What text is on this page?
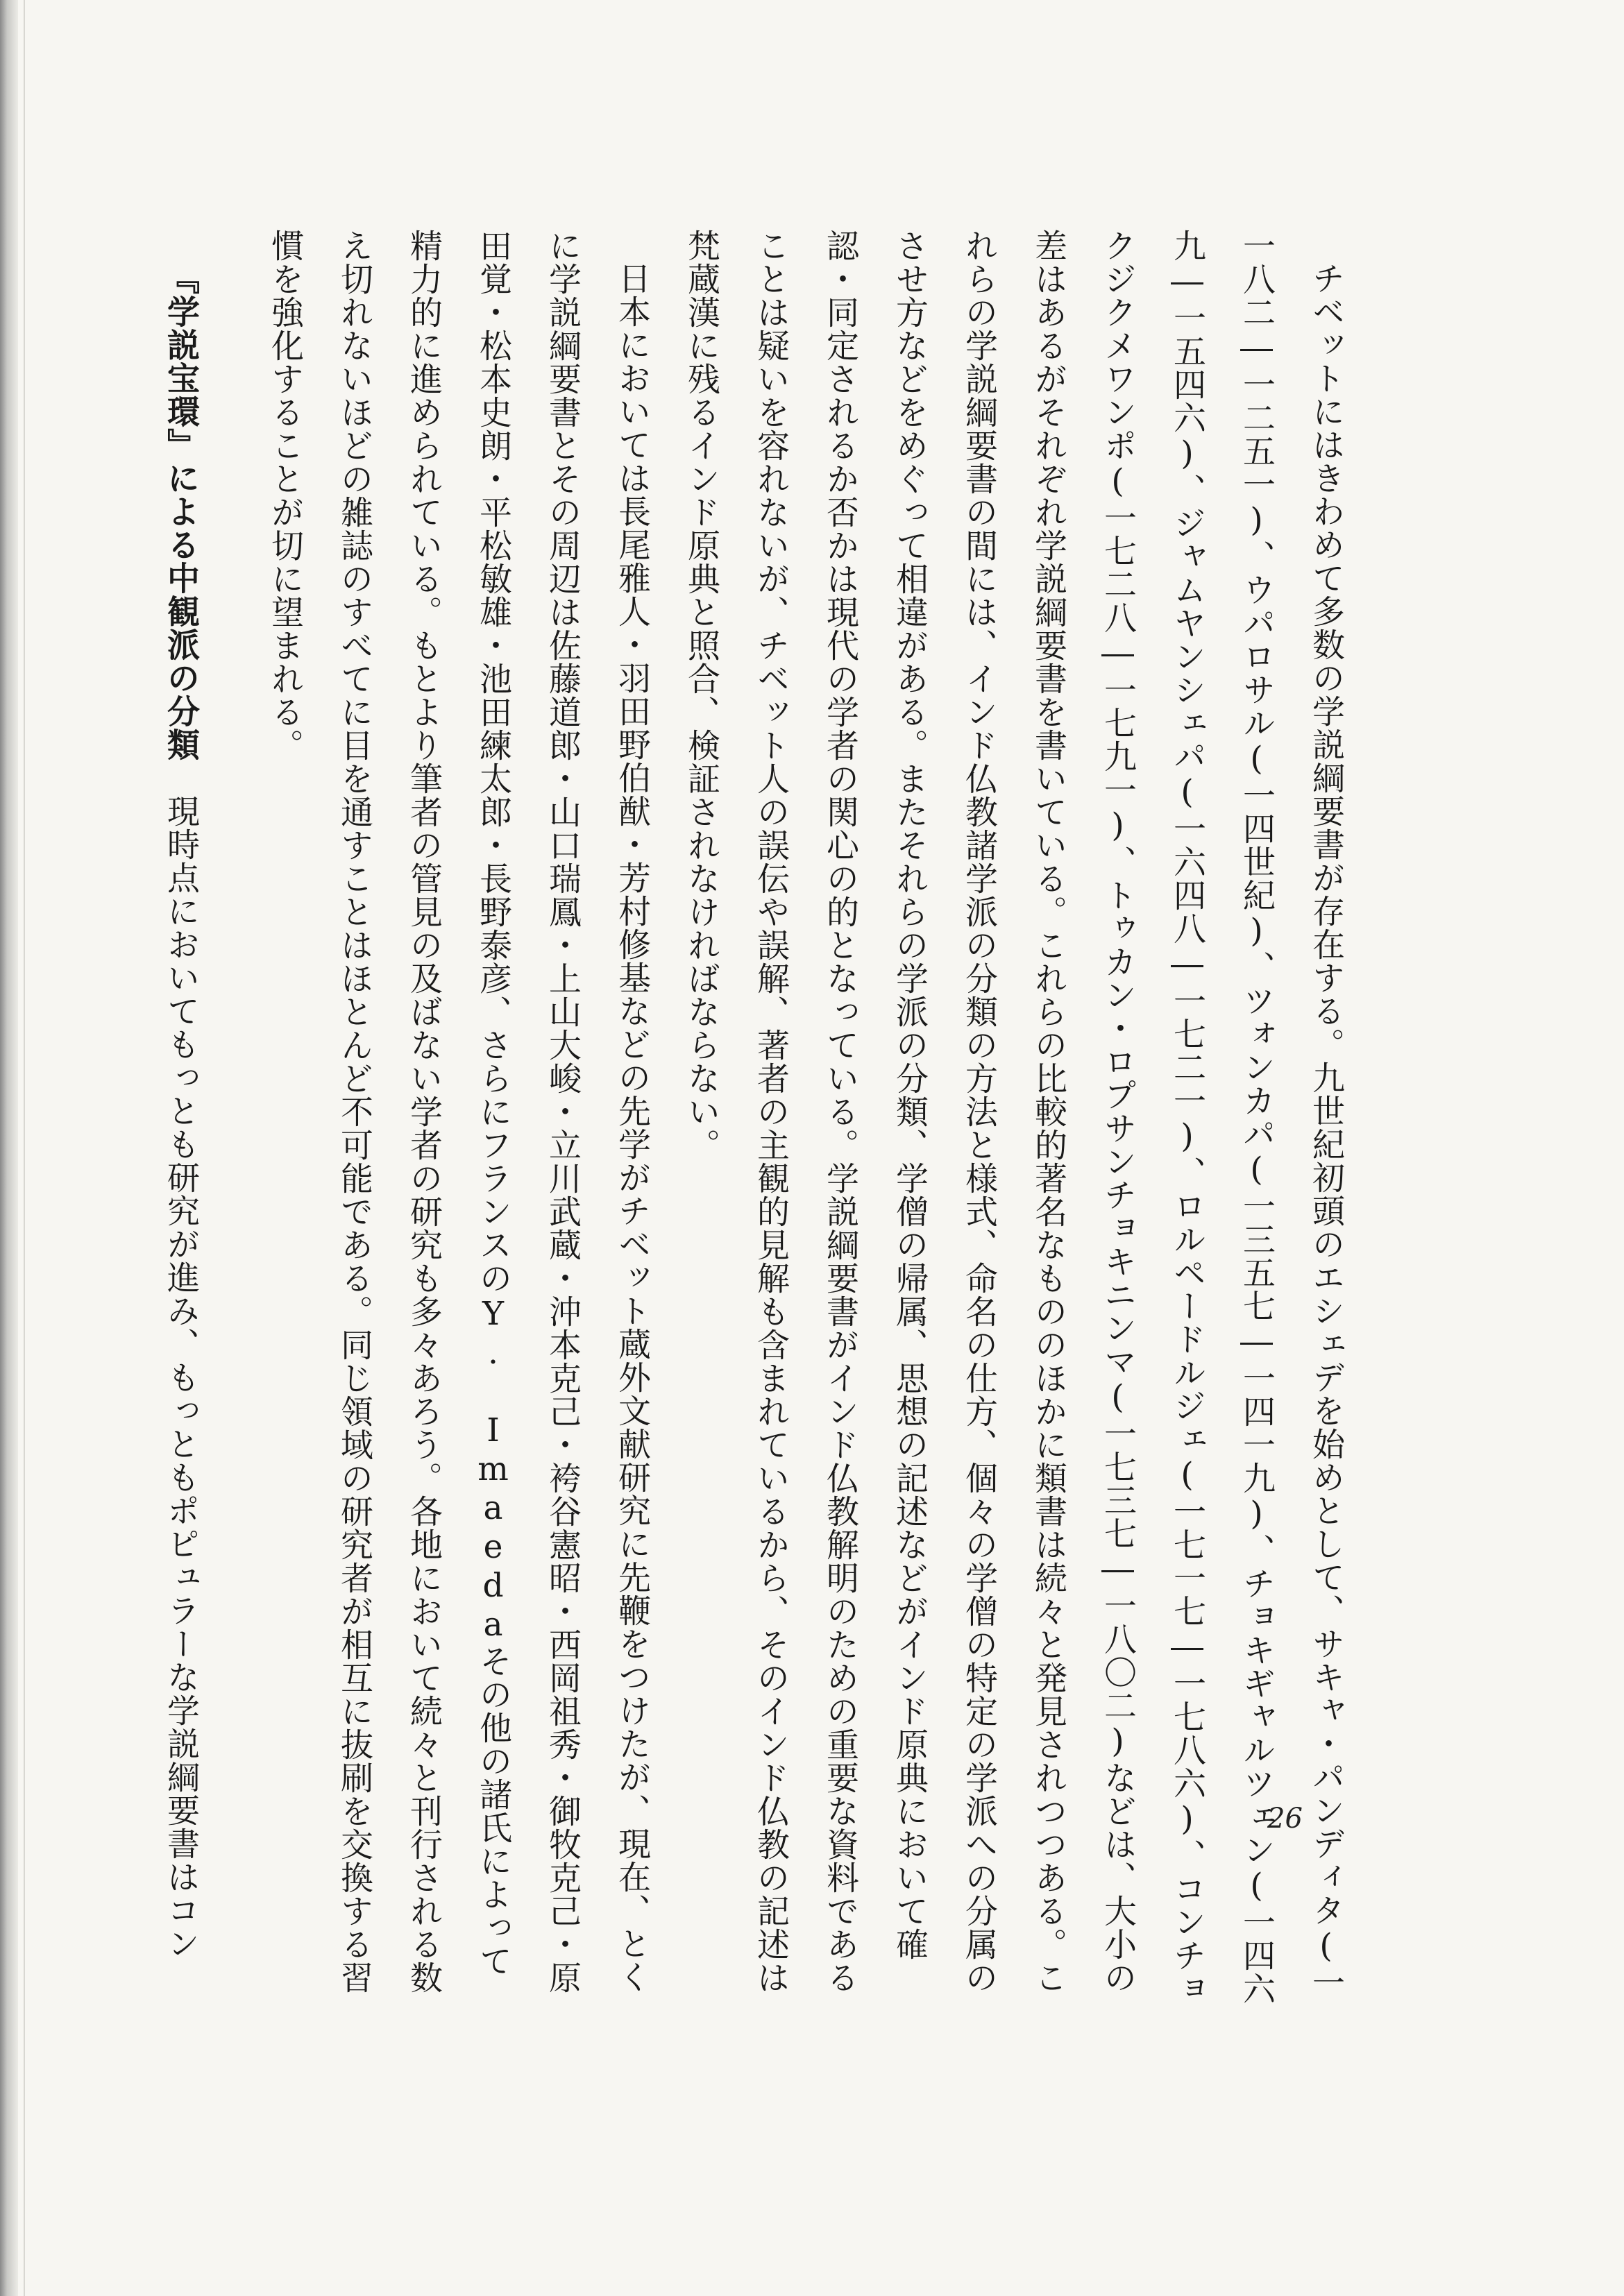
チベットにはきわめて多数の学説綱要書が存在する。九世紀初頭のエシェデを始めとして、サキャ・パンディタ(一一八二―一二五一)、ウパロサル(一四世紀)、ツォンカパ(一三五七―一四一九)、チョキギャルツェン(一四六九―一五四六)、ジャムヤンシェパ(一六四八―一七二一)、ロルペードルジェ(一七一七―一七八六)、コンチョクジクメワンポ(一七二八―一七九一)、トゥカン・ロプサンチョキニンマ(一七三七―一八〇二)などは、大小の差はあるがそれぞれ学説綱要書を書いている。これらの比較的著名なもののほかに類書は続々と発見されつつある。これらの学説綱要書の間には、インド仏教諸学派の分類の方法と様式、命名の仕方、個々の学僧の特定の学派への分属のさせ方などをめぐって相違がある。またそれらの学派の分類、学僧の帰属、思想の記述などがインド原典において確認・同定されるか否かは現代の学者の関心の的となっている。学説綱要書がインド仏教解明のための重要な資料であることは疑いを容れないが、チベット人の誤伝や誤解、著者の主観的見解も含まれているから、そのインド仏教の記述は梵蔵漢に残るインド原典と照合、検証されなければならない。

日本においては長尾雅人・羽田野伯猷・芳村修基などの先学がチベット蔵外文献研究に先鞭をつけたが、現在、とくに学説綱要書とその周辺は佐藤道郎・山口瑞鳳・上山大峻・立川武蔵・沖本克己・袴谷憲昭・西岡祖秀・御牧克己・原田覚・松本史朗・平松敏雄・池田練太郎・長野泰彦、さらにフランスのY. Imaedaその他の諸氏によって精力的に進められている。もとより筆者の管見の及ばない学者の研究も多々あろう。各地において続々と刊行される数え切れないほどの雑誌のすべてに目を通すことはほとんど不可能である。同じ領域の研究者が相互に抜刷を交換する習慣を強化することが切に望まれる。

『学説宝環』による中観派の分類　現時点においてもっとも研究が進み、もっともポピュラーな学説綱要書はコン	26
